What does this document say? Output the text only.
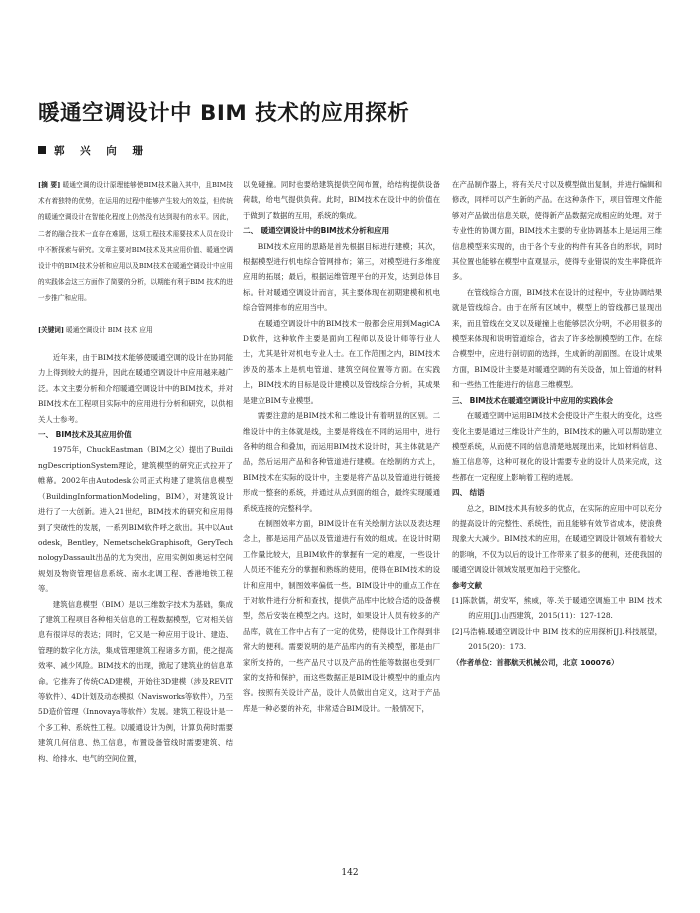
暖通空调设计中 BIM 技术的应用探析
郭 兴 向 珊

[摘 要] 暖通空调的设计原理能够使BIM技术融入其中，且BIM技术有着独特的优势，在运用的过程中能够产生较大的效益，但传统的暖通空调设计在智能化程度上仍然没有达到现有的水平。因此，二者的融合技术一直存在难题，这项工程技术需要技术人员在设计中不断探索与研究。文章主要对BIM技术及其应用价值、暖通空调设计中的BIM技术分析和应用以及BIM技术在暖通空调设计中应用的实践体会这三方面作了简要的分析，以期能有利于BIM 技术的进一步推广和应用。

[关键词] 暖通空调设计 BIM 技术 应用

近年来，由于BIM技术能够使暖通空调的设计在协同能力上得到较大的提升，因此在暖通空调设计中应用越来越广泛。本文主要分析和介绍暖通空调设计中的BIM技术，并对BIM技术在工程项目实际中的应用进行分析和研究，以供相关人士参考。

一、 BIM技术及其应用价值

1975年，ChuckEastman（BIM之父）提出了BuildingDescriptionSystem理论，建筑模型的研究正式拉开了帷幕。2002年由Autodesk公司正式构建了建筑信息模型（BuildingInformationModeling，BIM），对建筑设计进行了一大创新。进入21世纪，BIM技术的研究和应用得到了突破性的发展，一系列BIM软件呼之欲出。其中以Autodesk，Bentley，NemetschekGraphisoft，GeryTechnologyDassault出品的尤为突出，应用实例如奥运村空间规划及物资管理信息系统、南水北调工程、香港地铁工程等。

建筑信息模型（BIM）是以三维数字技术为基础，集成了建筑工程项目各种相关信息的工程数据模型，它对相关信息有很详尽的表达；同时，它又是一种应用于设计、建造、管理的数字化方法，集成管理建筑工程诸多方面，使之提高效率、减少风险。BIM技术的出现，掀起了建筑业的信息革命。它推奔了传统CAD建模，开始往3D建模（涉及REVIT等软件）、4D计划及动态模拟（Navisworks等软件），乃至5D造价管理（Innovaya等软件）发展。建筑工程设计是一个多工种、系统性工程。以暖通设计为例，计算负荷时需要建筑几何信息、热工信息，布置设备管线时需要建筑、结构、给排水、电气的空间位置，

以免碰撞。同时也要给建筑提供空间布置，给结构提供设备荷载，给电气提供负荷。此时，BIM技术在设计中的价值在于做到了数据的互用，系统的集成。

二、 暖通空调设计中的BIM技术分析和应用

BIM技术应用的思路是首先根据目标进行建模；其次，根据模型进行机电综合管网排布；第三，对模型进行多维度应用的拓展；最后，根据运维管理平台的开发，达到总体目标。针对暖通空调设计而言，其主要体现在初期建模和机电综合管网排布的应用当中。

在暖通空调设计中的BIM技术一般都会应用到MagiCAD软件，这种软件主要是面向工程师以及设计师等行业人士，尤其是针对机电专业人士。在工作范围之内，BIM技术涉及的基本上是机电管道、建筑空间位置等方面。在实践上，BIM技术的目标是设计建模以及管线综合分析，其成果是建立BIM专业模型。

需要注意的是BIM技术和二维设计有着明显的区别。二维设计中的主体就是线，主要是将线在不同的运用中，进行各种的组合和叠加，而运用BIM技术设计时，其主体就是产品，然后运用产品和各种管道进行建模。在绘制的方式上，BIM技术在实际的设计中，主要是将产品以及管道进行链接形成一整套的系统，并通过从点到面的组合，最终实现暖通系统连接的完整科学。

在制图效率方面，BIM设计在有关绘制方法以及表达理念上，都是运用产品以及管道进行有效的组成。在设计时期工作量比较大，且BIM软件的掌握有一定的难度，一些设计人员还不能充分的掌握和熟练的使用，使得在BIM技术的设计和应用中，制图效率偏低一些。BIM设计中的重点工作在于对软件进行分析和查找，提供产品库中比较合适的设备模型，然后安装在模型之内。这时，如果设计人员有较多的产品库，就在工作中占有了一定的优势，使得设计工作得到非常大的便利。需要说明的是产品库内的有关模型，都是由厂家所支持的，一些产品尺寸以及产品的性能等数据也受到厂家的支持和保护，而这些数据正是BIM设计模型中的重点内容。按照有关设计产品，设计人员做出自定义，这对于产品库是一种必要的补充，非常适合BIM设计。一般情况下，

在产品制作器上，将有关尺寸以及模型做出复制，并进行编辑和修改，同样可以产生新的产品。在这种条件下，项目管理文件能够对产品做出信息关联，使得新产品数据完成相应的处理。对于专业性的协调方面，BIM技术主要的专业协调基本上是运用三维信息模型来实现的，由于各个专业的构件有其各自的形状，同时其位置也能够在模型中直观显示，使得专业错误的发生率降低许多。

在管线综合方面，BIM技术在设计的过程中，专业协调结果就是管线综合。由于在所有区域中，模型上的管线都已显现出来，而且管线在交叉以及碰撞上也能够层次分明，不必用很多的模型来体现和说明管道综合，省去了许多绘制模型的工作。在综合模型中，应进行剖切面的选择，生成新的剖面图。在设计成果方面，BIM设计主要是对暖通空调的有关设备，加上管道的材料和一些热工性能进行的信息三维模型。

三、 BIM技术在暖通空调设计中应用的实践体会

在暖通空调中运用BIM技术会使设计产生很大的变化，这些变化主要是通过三维设计产生的，BIM技术的融入可以帮助建立模型系统，从而使不同的信息清楚地展现出来，比如材料信息、施工信息等，这种可视化的设计需要专业的设计人员来完成，这些都在一定程度上影响着工程的进展。

四、 结语

总之，BIM技术具有较多的优点，在实际的应用中可以充分的提高设计的完整性、系统性，而且能够有效节省成本，使浪费现象大大减少。BIM技术的应用，在暖通空调设计领域有着较大的影响，不仅为以后的设计工作带来了很多的便利，还使我国的暖通空调设计领域发展更加趋于完整化。

参考文献

[1]陈款儒，胡安军，熊威，等.关于暖通空调施工中 BIM 技术的应用[J].山西建筑，2015(11)：127-128.

[2]马浩楠.暖通空调设计中 BIM 技术的应用探析[J].科技展望，2015(20)：173.

（作者单位：首都航天机械公司，北京 100076）

142
